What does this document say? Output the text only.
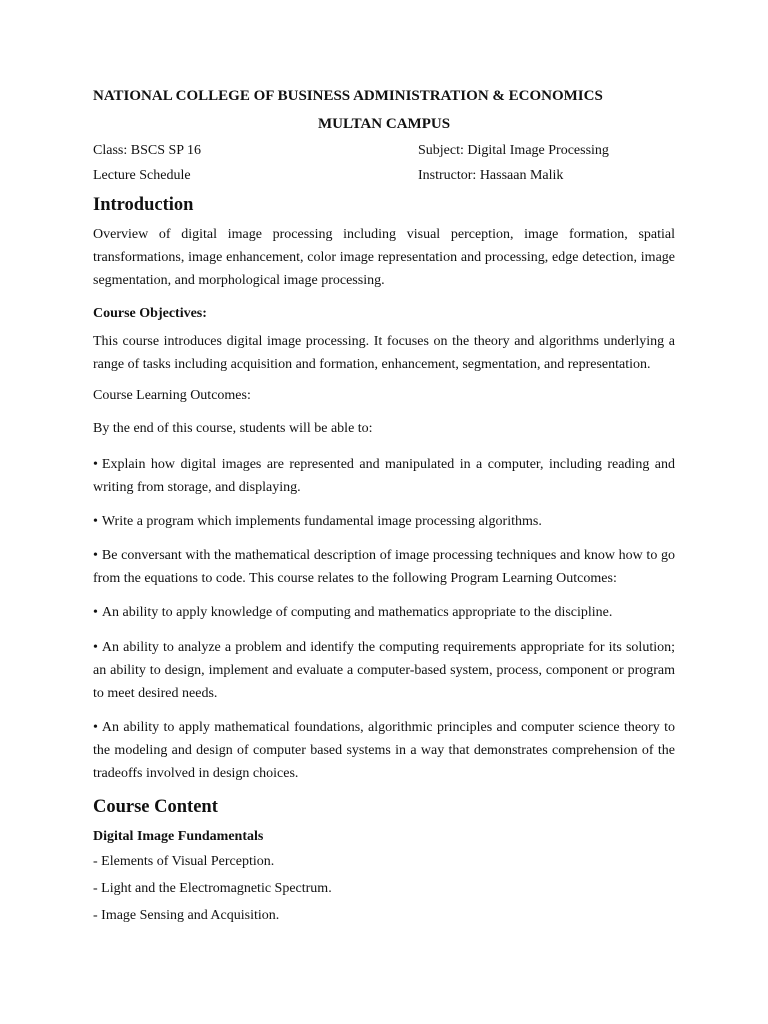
NATIONAL COLLEGE OF BUSINESS ADMINISTRATION & ECONOMICS
MULTAN CAMPUS
Class: BSCS SP 16	Subject: Digital Image Processing
Lecture Schedule	Instructor: Hassaan Malik
Introduction
Overview of digital image processing including visual perception, image formation, spatial transformations, image enhancement, color image representation and processing, edge detection, image segmentation, and morphological image processing.
Course Objectives:
This course introduces digital image processing. It focuses on the theory and algorithms underlying a range of tasks including acquisition and formation, enhancement, segmentation, and representation.
Course Learning Outcomes:
By the end of this course, students will be able to:
• Explain how digital images are represented and manipulated in a computer, including reading and writing from storage, and displaying.
• Write a program which implements fundamental image processing algorithms.
• Be conversant with the mathematical description of image processing techniques and know how to go from the equations to code. This course relates to the following Program Learning Outcomes:
• An ability to apply knowledge of computing and mathematics appropriate to the discipline.
• An ability to analyze a problem and identify the computing requirements appropriate for its solution; an ability to design, implement and evaluate a computer-based system, process, component or program to meet desired needs.
• An ability to apply mathematical foundations, algorithmic principles and computer science theory to the modeling and design of computer based systems in a way that demonstrates comprehension of the tradeoffs involved in design choices.
Course Content
Digital Image Fundamentals
- Elements of Visual Perception.
- Light and the Electromagnetic Spectrum.
- Image Sensing and Acquisition.
